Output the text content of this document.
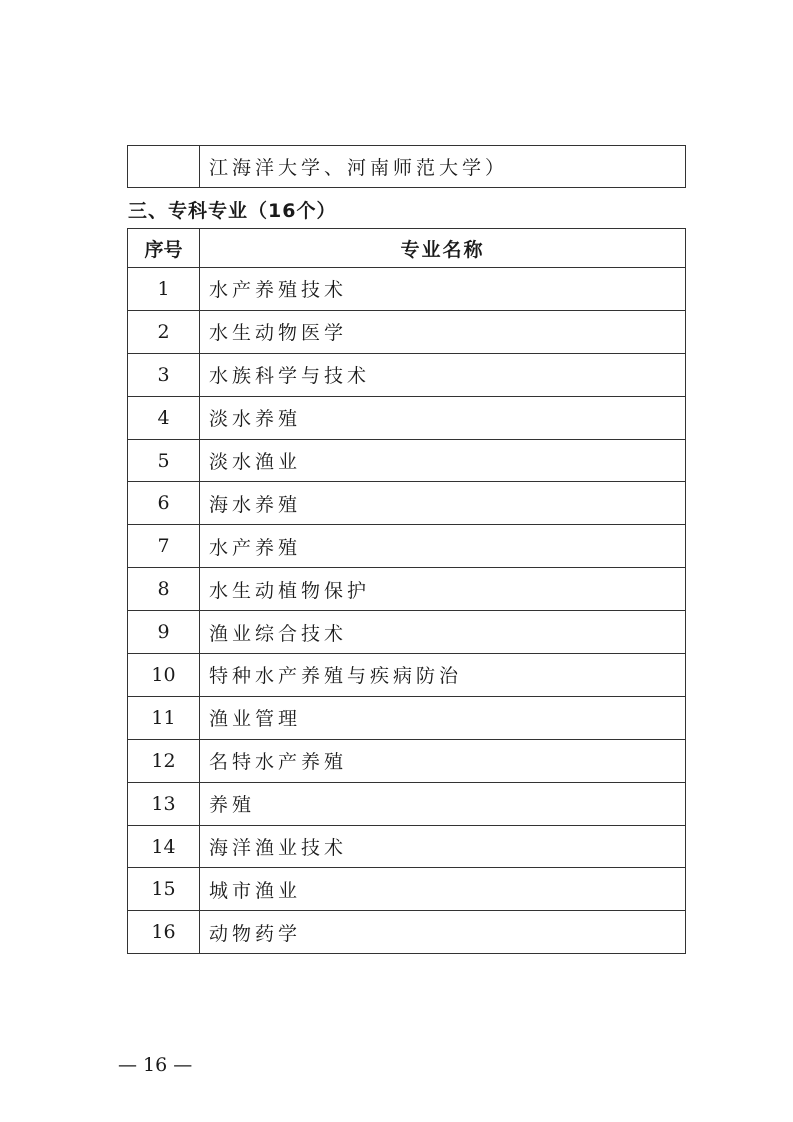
	江海洋大学、河南师范大学）

三、专科专业（16个）

序号	专业名称
1	水产养殖技术
2	水生动物医学
3	水族科学与技术
4	淡水养殖
5	淡水渔业
6	海水养殖
7	水产养殖
8	水生动植物保护
9	渔业综合技术
10	特种水产养殖与疾病防治
11	渔业管理
12	名特水产养殖
13	养殖
14	海洋渔业技术
15	城市渔业
16	动物药学

— 16 —
